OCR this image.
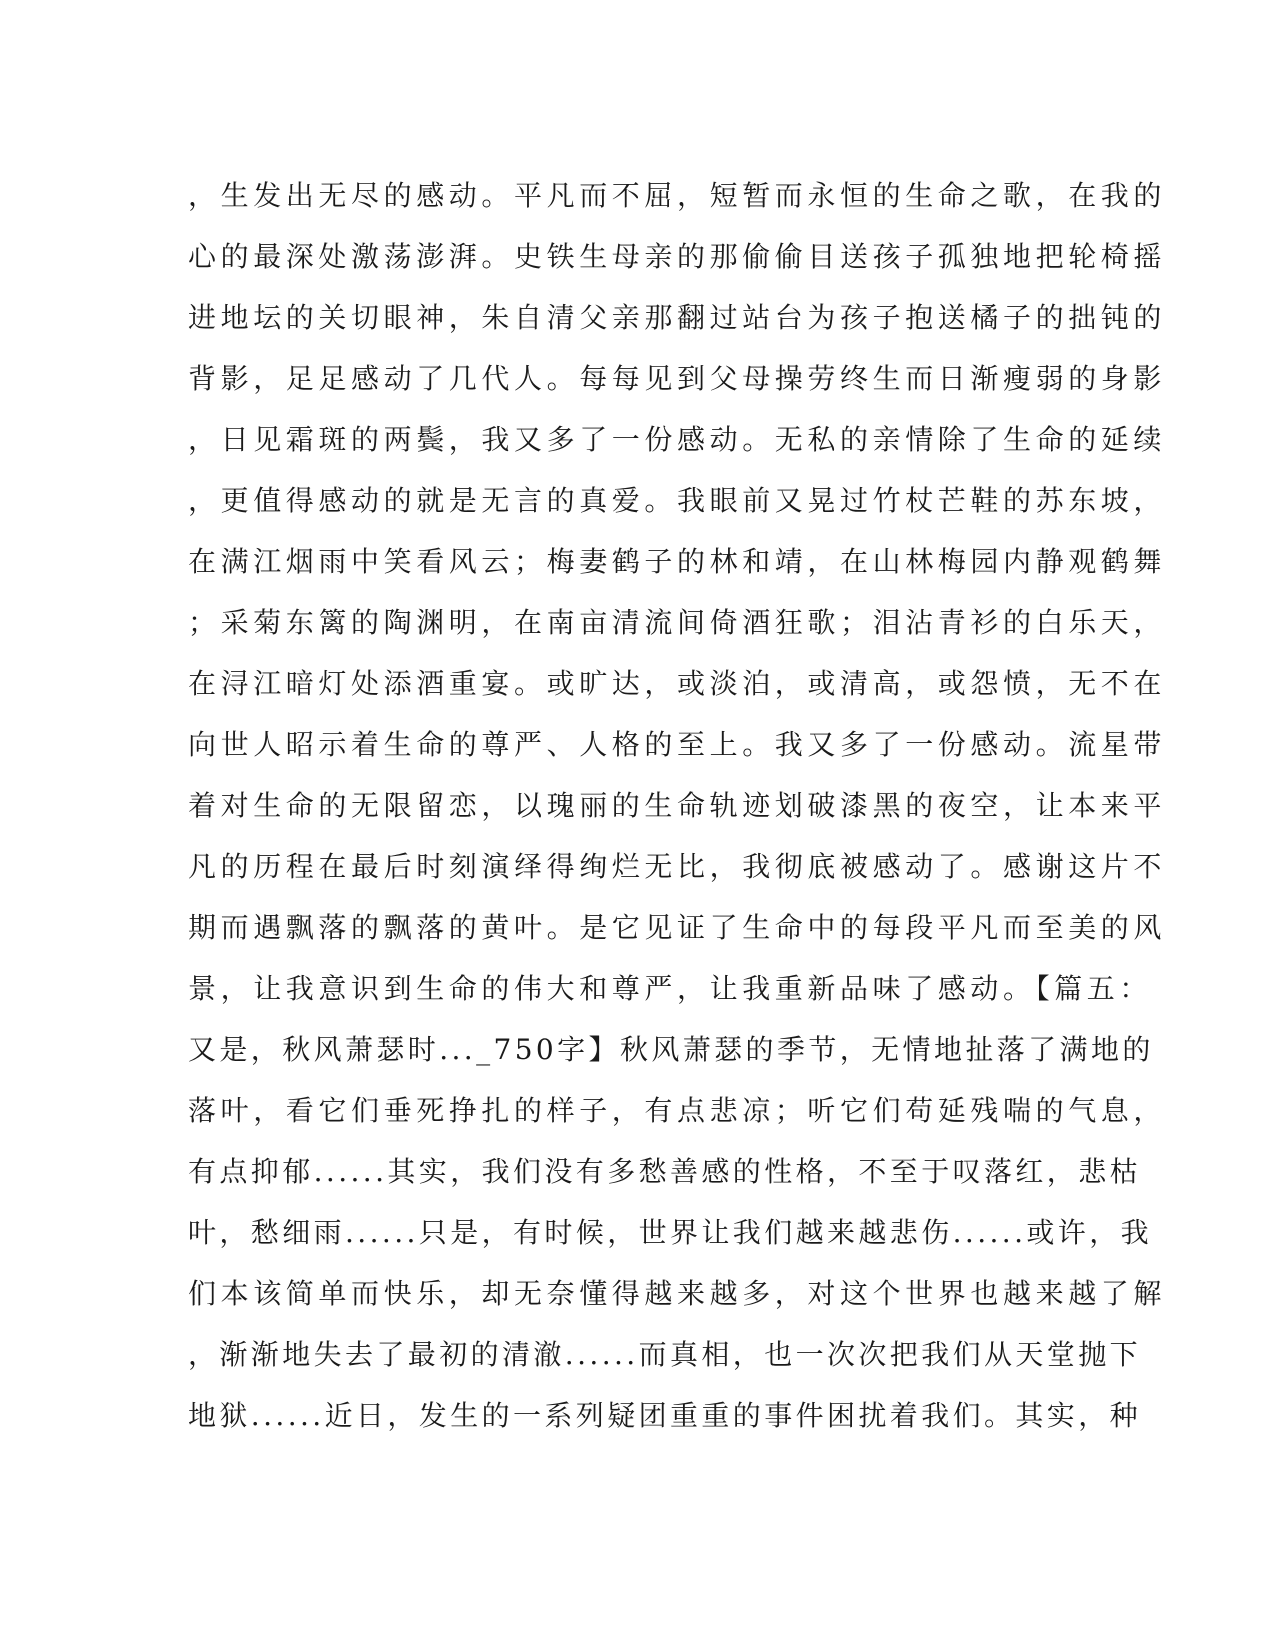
，生发出无尽的感动。平凡而不屈，短暂而永恒的生命之歌，在我的
心的最深处激荡澎湃。史铁生母亲的那偷偷目送孩子孤独地把轮椅摇
进地坛的关切眼神，朱自清父亲那翻过站台为孩子抱送橘子的拙钝的
背影，足足感动了几代人。每每见到父母操劳终生而日渐瘦弱的身影
，日见霜斑的两鬓，我又多了一份感动。无私的亲情除了生命的延续
，更值得感动的就是无言的真爱。我眼前又晃过竹杖芒鞋的苏东坡，
在满江烟雨中笑看风云；梅妻鹤子的林和靖，在山林梅园内静观鹤舞
；采菊东篱的陶渊明，在南亩清流间倚酒狂歌；泪沾青衫的白乐天，
在浔江暗灯处添酒重宴。或旷达，或淡泊，或清高，或怨愤，无不在
向世人昭示着生命的尊严、人格的至上。我又多了一份感动。流星带
着对生命的无限留恋，以瑰丽的生命轨迹划破漆黑的夜空，让本来平
凡的历程在最后时刻演绎得绚烂无比，我彻底被感动了。感谢这片不
期而遇飘落的飘落的黄叶。是它见证了生命中的每段平凡而至美的风
景，让我意识到生命的伟大和尊严，让我重新品味了感动。【篇五：
又是，秋风萧瑟时..._750字】秋风萧瑟的季节，无情地扯落了满地的
落叶，看它们垂死挣扎的样子，有点悲凉；听它们苟延残喘的气息，
有点抑郁......其实，我们没有多愁善感的性格，不至于叹落红，悲枯
叶，愁细雨......只是，有时候，世界让我们越来越悲伤......或许，我
们本该简单而快乐，却无奈懂得越来越多，对这个世界也越来越了解
，渐渐地失去了最初的清澈......而真相，也一次次把我们从天堂抛下
地狱......近日，发生的一系列疑团重重的事件困扰着我们。其实，种
